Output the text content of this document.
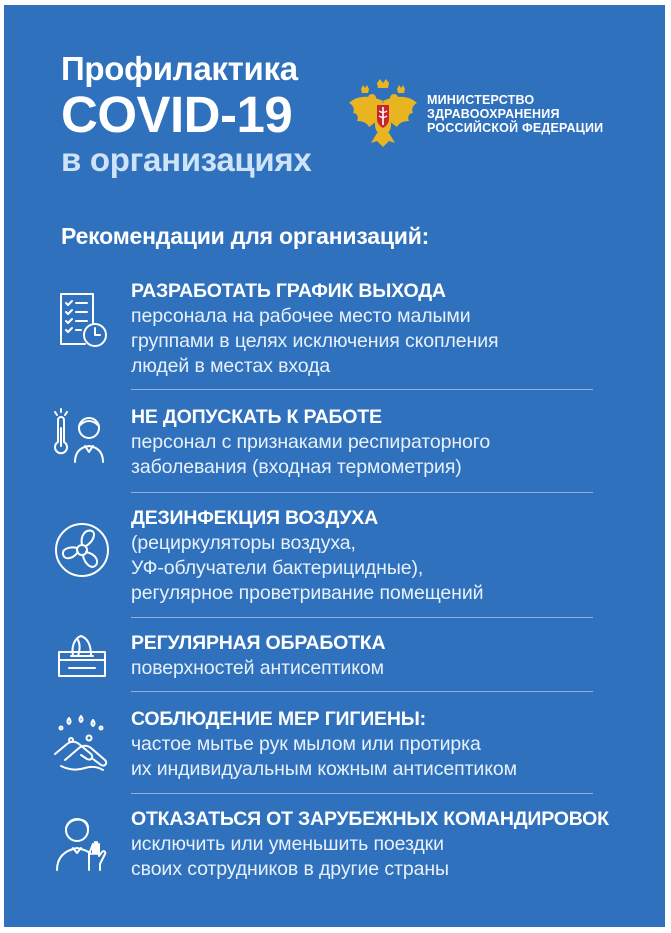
Профилактика
COVID-19
в организациях
МИНИСТЕРСТВО
ЗДРАВООХРАНЕНИЯ
РОССИЙСКОЙ ФЕДЕРАЦИИ
Рекомендации для организаций:
РАЗРАБОТАТЬ ГРАФИК ВЫХОДА
персонала на рабочее место малыми
группами в целях исключения скопления
людей в местах входа
НЕ ДОПУСКАТЬ К РАБОТЕ
персонал с признаками респираторного
заболевания (входная термометрия)
ДЕЗИНФЕКЦИЯ ВОЗДУХА
(рециркуляторы воздуха,
УФ-облучатели бактерицидные),
регулярное проветривание помещений
РЕГУЛЯРНАЯ ОБРАБОТКА
поверхностей антисептиком
СОБЛЮДЕНИЕ МЕР ГИГИЕНЫ:
частое мытье рук мылом или протирка
их индивидуальным кожным антисептиком
ОТКАЗАТЬСЯ ОТ ЗАРУБЕЖНЫХ КОМАНДИРОВОК
исключить или уменьшить поездки
своих сотрудников в другие страны
